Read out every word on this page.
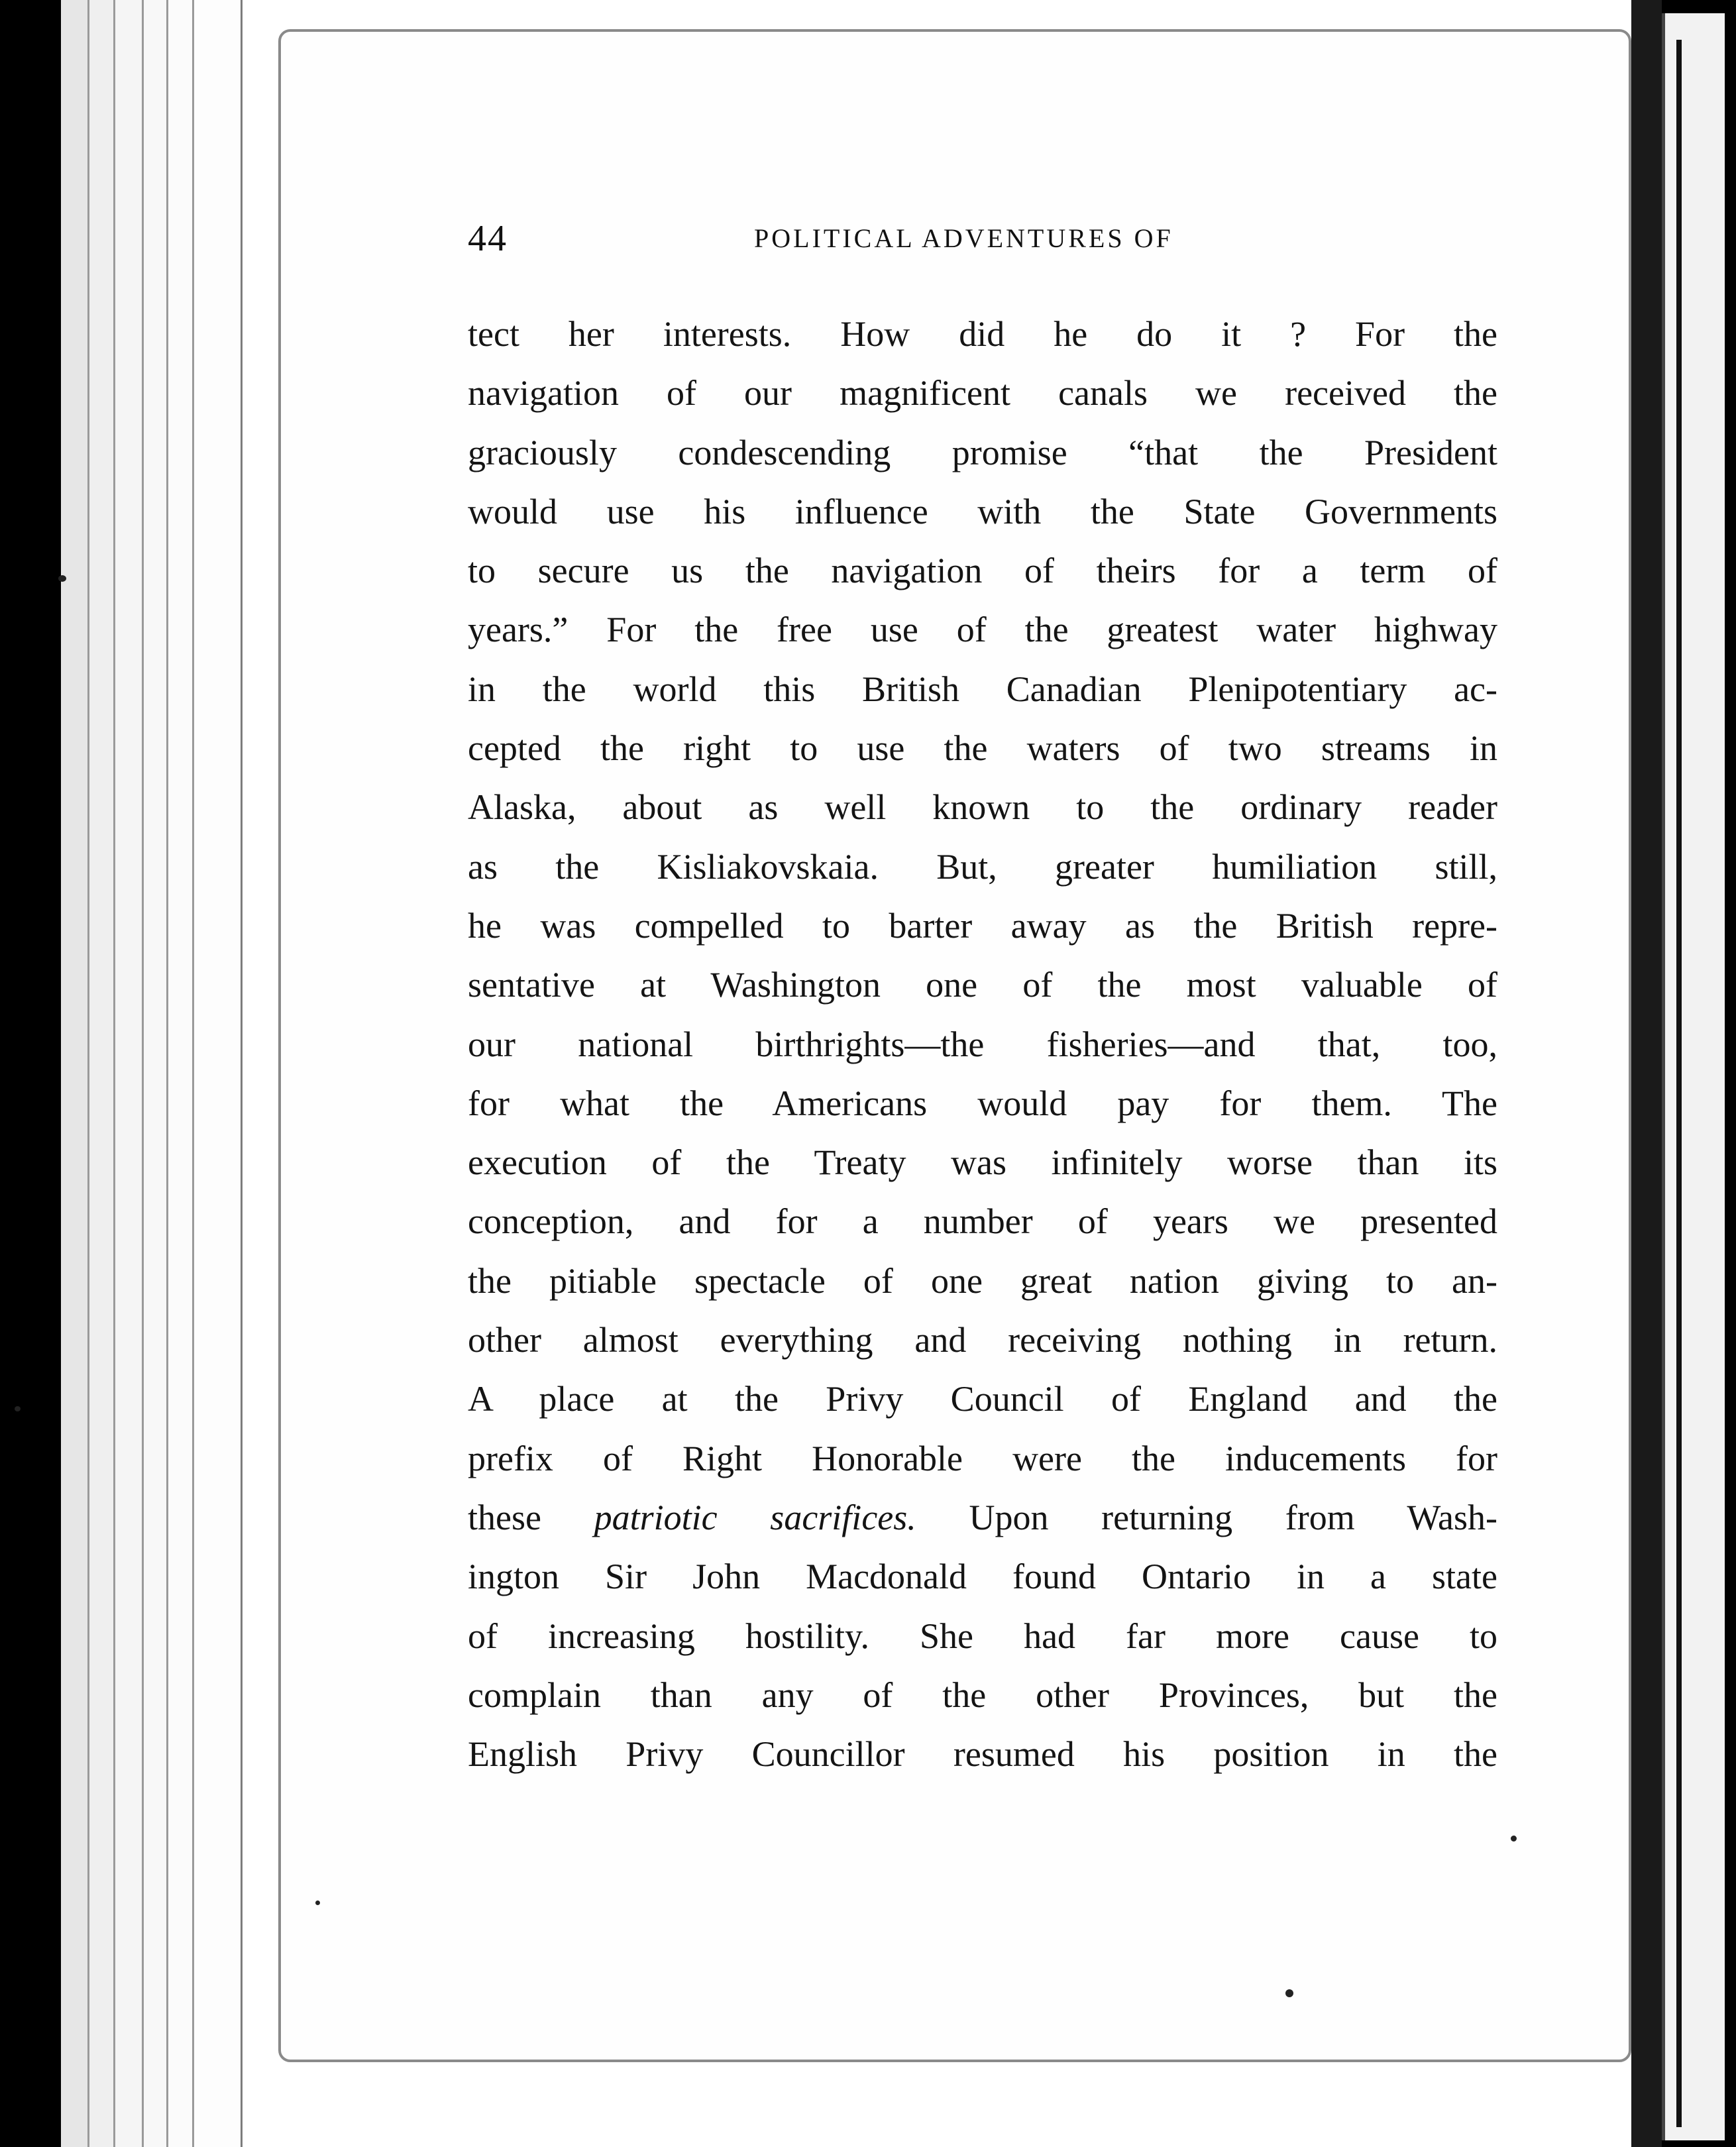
44	POLITICAL ADVENTURES OF
tect her interests. How did he do it ? For the
navigation of our magnificent canals we received the
graciously condescending promise “that the President
would use his influence with the State Governments
to secure us the navigation of theirs for a term of
years.” For the free use of the greatest water highway
in the world this British Canadian Plenipotentiary ac-
cepted the right to use the waters of two streams in
Alaska, about as well known to the ordinary reader
as the Kisliakovskaia. But, greater humiliation still,
he was compelled to barter away as the British repre-
sentative at Washington one of the most valuable of
our national birthrights—the fisheries—and that, too,
for what the Americans would pay for them. The
execution of the Treaty was infinitely worse than its
conception, and for a number of years we presented
the pitiable spectacle of one great nation giving to an-
other almost everything and receiving nothing in return.
A place at the Privy Council of England and the
prefix of Right Honorable were the inducements for
these patriotic sacrifices. Upon returning from Wash-
ington Sir John Macdonald found Ontario in a state
of increasing hostility. She had far more cause to
complain than any of the other Provinces, but the
English Privy Councillor resumed his position in the
